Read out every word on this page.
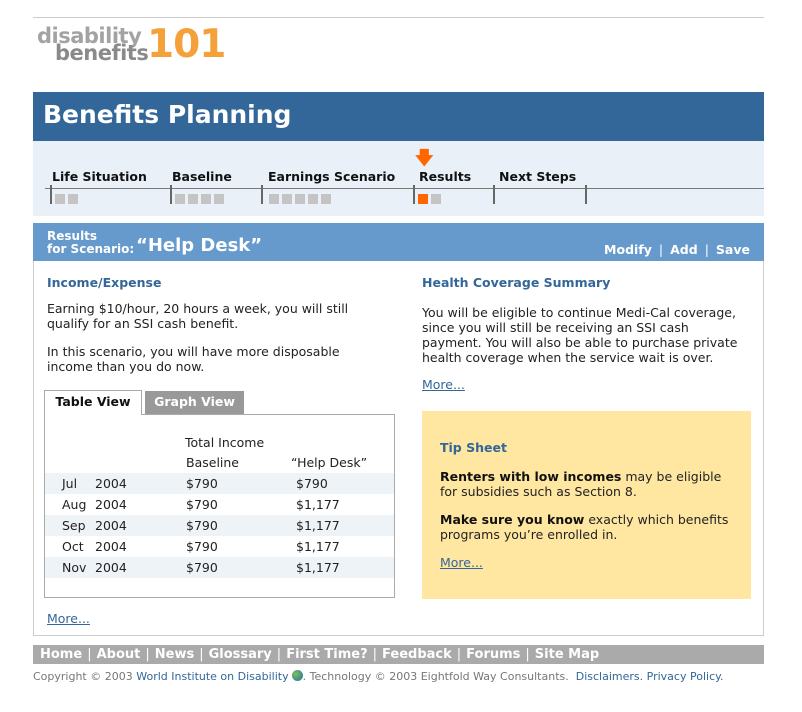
disability
benefits
101
Benefits Planning
🡇
Life Situation Baseline	Earnings Scenario Results Next Steps
Results
for Scenario: “Help Desk”	Modify | Add | Save
Income/Expense
Earning $10/hour, 20 hours a week, you will still qualify for an SSI cash benefit.
In this scenario, you will have more disposable income than you do now.
Table View	Graph View
Total Income
Baseline	“Help Desk”
Jul 2004	$790	$790
Aug 2004	$790	$1,177
Sep 2004	$790	$1,177
Oct 2004	$790	$1,177
Nov 2004	$790	$1,177
More...
Health Coverage Summary
You will be eligible to continue Medi-Cal coverage, since you will still be receiving an SSI cash payment. You will also be able to purchase private health coverage when the service wait is over.
More...
Tip Sheet
Renters with low incomes may be eligible for subsidies such as Section 8.
Make sure you know exactly which benefits programs you’re enrolled in.
More...
Home | About | News | Glossary | First Time? | Feedback | Forums | Site Map
Copyright © 2003 World Institute on Disability . Technology © 2003 Eightfold Way Consultants. Disclaimers. Privacy Policy.
